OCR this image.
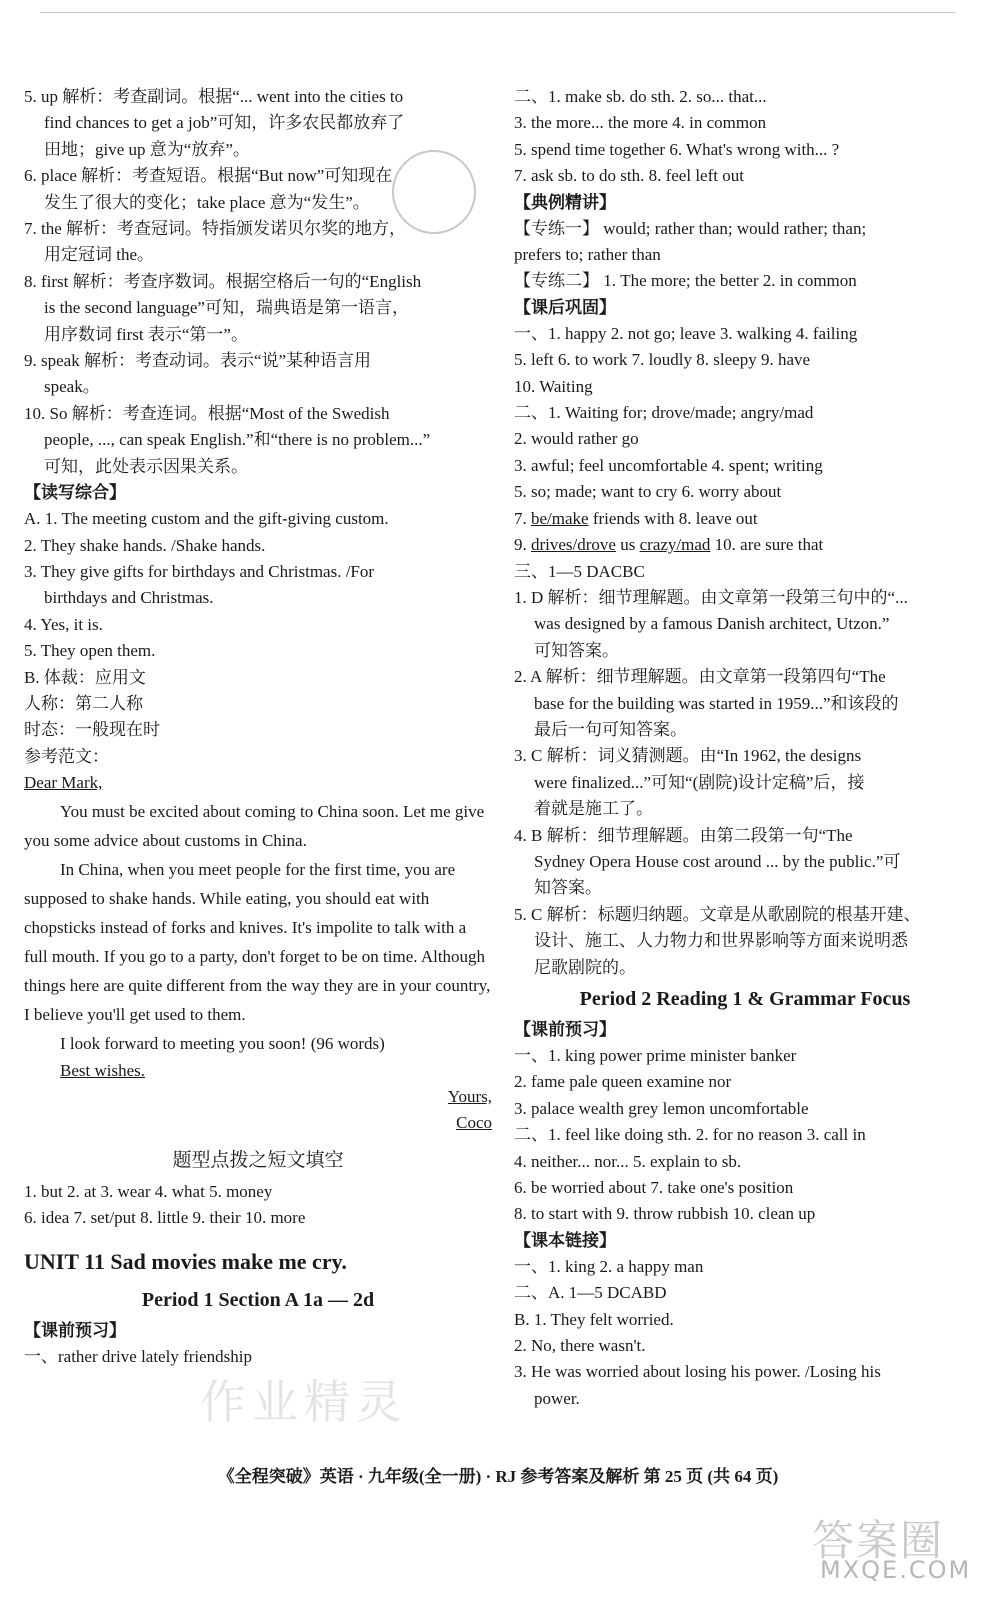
5. up 解析：考查副词。根据“... went into the cities to
find chances to get a job”可知，许多农民都放弃了
田地；give up 意为“放弃”。
6. place 解析：考查短语。根据“But now”可知现在
发生了很大的变化；take place 意为“发生”。
7. the 解析：考查冠词。特指颁发诺贝尔奖的地方，
用定冠词 the。
8. first 解析：考查序数词。根据空格后一句的“English
is the second language”可知，瑞典语是第一语言，
用序数词 first 表示“第一”。
9. speak 解析：考查动词。表示“说”某种语言用
speak。
10. So 解析：考查连词。根据“Most of the Swedish
people, ..., can speak English.”和“there is no problem...”
可知，此处表示因果关系。
【读写综合】
A. 1. The meeting custom and the gift-giving custom.
2. They shake hands. /Shake hands.
3. They give gifts for birthdays and Christmas. /For
birthdays and Christmas.
4. Yes, it is.
5. They open them.
B. 体裁：应用文
人称：第二人称
时态：一般现在时
参考范文：
Dear Mark,
You must be excited about coming to China soon. Let me give you some advice about customs in China.
In China, when you meet people for the first time, you are supposed to shake hands. While eating, you should eat with chopsticks instead of forks and knives. It's impolite to talk with a full mouth. If you go to a party, don't forget to be on time. Although things here are quite different from the way they are in your country, I believe you'll get used to them.
I look forward to meeting you soon! (96 words)
Best wishes.
Yours,
Coco
题型点拨之短文填空
1. but 2. at 3. wear 4. what 5. money
6. idea 7. set/put 8. little 9. their 10. more
UNIT 11 Sad movies make me cry.
Period 1 Section A 1a — 2d
【课前预习】
一、rather drive lately friendship
二、1. make sb. do sth. 2. so... that...
3. the more... the more 4. in common
5. spend time together 6. What's wrong with... ?
7. ask sb. to do sth. 8. feel left out
【典例精讲】
【专练一】 would; rather than; would rather; than;
prefers to; rather than
【专练二】 1. The more; the better 2. in common
【课后巩固】
一、1. happy 2. not go; leave 3. walking 4. failing
5. left 6. to work 7. loudly 8. sleepy 9. have
10. Waiting
二、1. Waiting for; drove/made; angry/mad
2. would rather go
3. awful; feel uncomfortable 4. spent; writing
5. so; made; want to cry 6. worry about
7. be/make friends with 8. leave out
9. drives/drove us crazy/mad 10. are sure that
三、1—5 DACBC
1. D 解析：细节理解题。由文章第一段第三句中的“...
was designed by a famous Danish architect, Utzon.”
可知答案。
2. A 解析：细节理解题。由文章第一段第四句“The
base for the building was started in 1959...”和该段的
最后一句可知答案。
3. C 解析：词义猜测题。由“In 1962, the designs
were finalized...”可知“(剧院)设计定稿”后，接
着就是施工了。
4. B 解析：细节理解题。由第二段第一句“The
Sydney Opera House cost around ... by the public.”可
知答案。
5. C 解析：标题归纳题。文章是从歌剧院的根基开建、
设计、施工、人力物力和世界影响等方面来说明悉
尼歌剧院的。
Period 2 Reading 1 & Grammar Focus
【课前预习】
一、1. king power prime minister banker
2. fame pale queen examine nor
3. palace wealth grey lemon uncomfortable
二、1. feel like doing sth. 2. for no reason 3. call in
4. neither... nor... 5. explain to sb.
6. be worried about 7. take one's position
8. to start with 9. throw rubbish 10. clean up
【课本链接】
一、1. king 2. a happy man
二、A. 1—5 DCABD
B. 1. They felt worried.
2. No, there wasn't.
3. He was worried about losing his power. /Losing his
power.
作业精灵
《全程突破》英语 · 九年级(全一册) · RJ 参考答案及解析 第 25 页 (共 64 页)
答案圈
MXQE.COM
